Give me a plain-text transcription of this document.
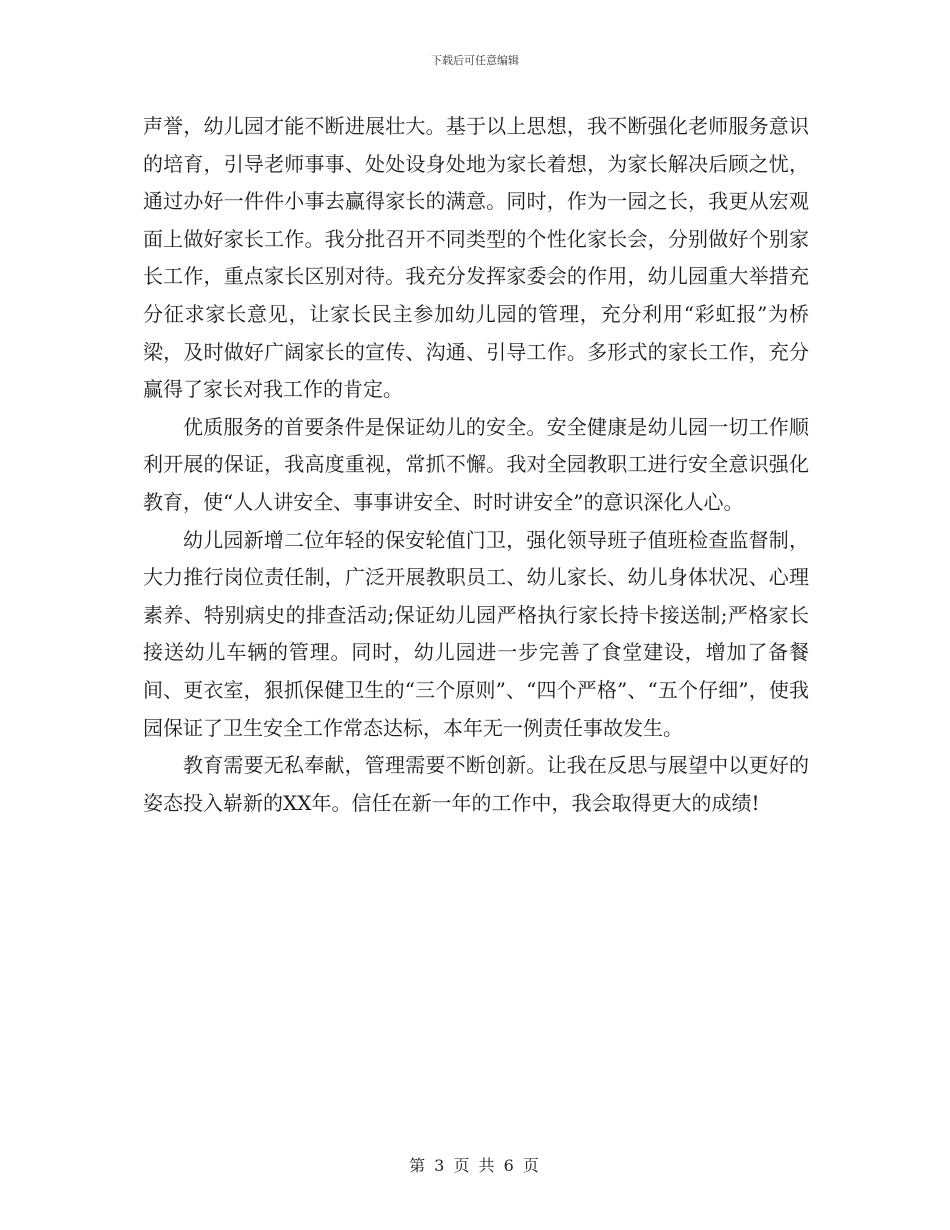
下载后可任意编辑

声誉，幼儿园才能不断进展壮大。基于以上思想，我不断强化老师服务意识的培育，引导老师事事、处处设身处地为家长着想，为家长解决后顾之忧，通过办好一件件小事去赢得家长的满意。同时，作为一园之长，我更从宏观面上做好家长工作。我分批召开不同类型的个性化家长会，分别做好个别家长工作，重点家长区别对待。我充分发挥家委会的作用，幼儿园重大举措充分征求家长意见，让家长民主参加幼儿园的管理，充分利用“彩虹报”为桥梁，及时做好广阔家长的宣传、沟通、引导工作。多形式的家长工作，充分赢得了家长对我工作的肯定。

优质服务的首要条件是保证幼儿的安全。安全健康是幼儿园一切工作顺利开展的保证，我高度重视，常抓不懈。我对全园教职工进行安全意识强化教育，使“人人讲安全、事事讲安全、时时讲安全”的意识深化人心。

幼儿园新增二位年轻的保安轮值门卫，强化领导班子值班检查监督制，大力推行岗位责任制，广泛开展教职员工、幼儿家长、幼儿身体状况、心理素养、特别病史的排查活动;保证幼儿园严格执行家长持卡接送制;严格家长接送幼儿车辆的管理。同时，幼儿园进一步完善了食堂建设，增加了备餐间、更衣室，狠抓保健卫生的“三个原则”、“四个严格”、“五个仔细”，使我园保证了卫生安全工作常态达标，本年无一例责任事故发生。

教育需要无私奉献，管理需要不断创新。让我在反思与展望中以更好的姿态投入崭新的XX年。信任在新一年的工作中，我会取得更大的成绩!

第 3 页 共 6 页
